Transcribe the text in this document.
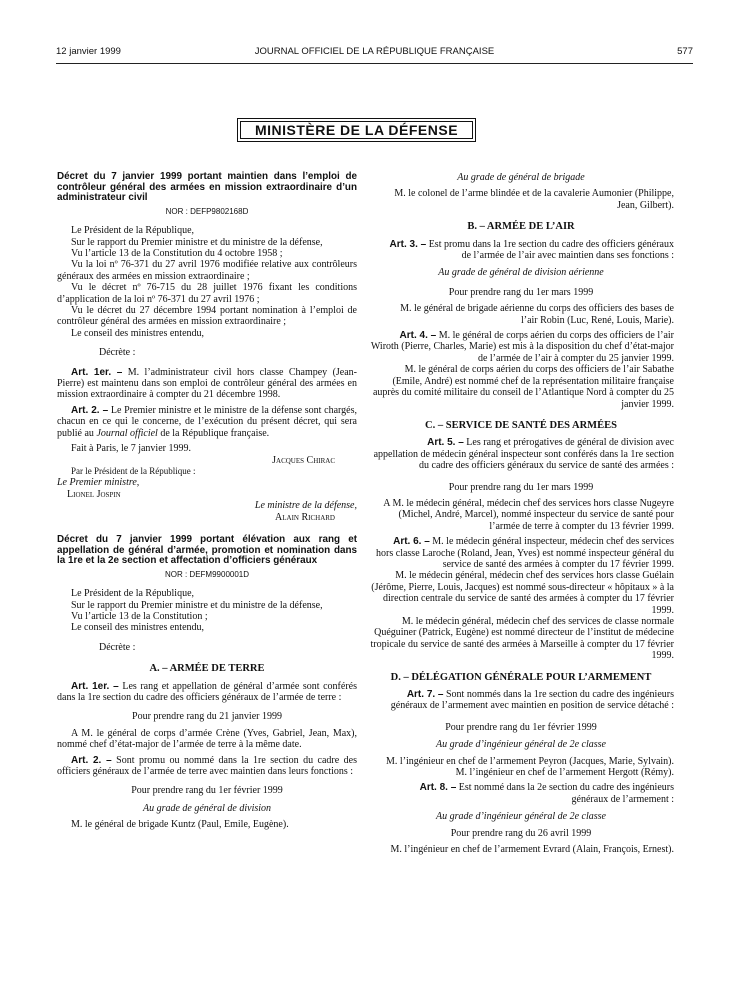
12 janvier 1999	JOURNAL OFFICIEL DE LA RÉPUBLIQUE FRANÇAISE	577
MINISTÈRE DE LA DÉFENSE

Décret du 7 janvier 1999 portant maintien dans l’emploi de contrôleur général des armées en mission extraordinaire d’un administrateur civil

NOR : DEFP9802168D

Le Président de la République,

Sur le rapport du Premier ministre et du ministre de la défense,

Vu l’article 13 de la Constitution du 4 octobre 1958 ;

Vu la loi nº 76-371 du 27 avril 1976 modifiée relative aux contrôleurs généraux des armées en mission extraordinaire ;

Vu le décret nº 76-715 du 28 juillet 1976 fixant les conditions d’application de la loi nº 76-371 du 27 avril 1976 ;

Vu le décret du 27 décembre 1994 portant nomination à l’emploi de contrôleur général des armées en mission extraordinaire ;

Le conseil des ministres entendu,

Décrète :

Art. 1er. – M. l’administrateur civil hors classe Champey (Jean-Pierre) est maintenu dans son emploi de contrôleur général des armées en mission extraordinaire à compter du 21 décembre 1998.

Art. 2. – Le Premier ministre et le ministre de la défense sont chargés, chacun en ce qui le concerne, de l’exécution du présent décret, qui sera publié au Journal officiel de la République française.

Fait à Paris, le 7 janvier 1999.

Jacques Chirac

Par le Président de la République :

Le Premier ministre,

Lionel Jospin

Le ministre de la défense,

Alain Richard

Décret du 7 janvier 1999 portant élévation aux rang et appellation de général d’armée, promotion et nomination dans la 1re et la 2e section et affectation d’officiers généraux

NOR : DEFM9900001D

Le Président de la République,

Sur le rapport du Premier ministre et du ministre de la défense,

Vu l’article 13 de la Constitution ;

Le conseil des ministres entendu,

Décrète :

A. – ARMÉE DE TERRE

Art. 1er. – Les rang et appellation de général d’armée sont conférés dans la 1re section du cadre des officiers généraux de l’armée de terre :

Pour prendre rang du 21 janvier 1999

A M. le général de corps d’armée Crène (Yves, Gabriel, Jean, Max), nommé chef d’état-major de l’armée de terre à la même date.

Art. 2. – Sont promu ou nommé dans la 1re section du cadre des officiers généraux de l’armée de terre avec maintien dans leurs fonctions :

Pour prendre rang du 1er février 1999

Au grade de général de division

M. le général de brigade Kuntz (Paul, Emile, Eugène).

Au grade de général de brigade

M. le colonel de l’arme blindée et de la cavalerie Aumonier (Philippe, Jean, Gilbert).

B. – ARMÉE DE L’AIR

Art. 3. – Est promu dans la 1re section du cadre des officiers généraux de l’armée de l’air avec maintien dans ses fonctions :

Au grade de général de division aérienne

Pour prendre rang du 1er mars 1999

M. le général de brigade aérienne du corps des officiers des bases de l’air Robin (Luc, René, Louis, Marie).

Art. 4. – M. le général de corps aérien du corps des officiers de l’air Wiroth (Pierre, Charles, Marie) est mis à la disposition du chef d’état-major de l’armée de l’air à compter du 25 janvier 1999.

M. le général de corps aérien du corps des officiers de l’air Sabathe (Emile, André) est nommé chef de la représentation militaire française auprès du comité militaire du conseil de l’Atlantique Nord à compter du 25 janvier 1999.

C. – SERVICE DE SANTÉ DES ARMÉES

Art. 5. – Les rang et prérogatives de général de division avec appellation de médecin général inspecteur sont conférés dans la 1re section du cadre des officiers généraux du service de santé des armées :

Pour prendre rang du 1er mars 1999

A M. le médecin général, médecin chef des services hors classe Nugeyre (Michel, André, Marcel), nommé inspecteur du service de santé pour l’armée de terre à compter du 13 février 1999.

Art. 6. – M. le médecin général inspecteur, médecin chef des services hors classe Laroche (Roland, Jean, Yves) est nommé inspecteur général du service de santé des armées à compter du 17 février 1999.

M. le médecin général, médecin chef des services hors classe Guélain (Jérôme, Pierre, Louis, Jacques) est nommé sous-directeur « hôpitaux » à la direction centrale du service de santé des armées à compter du 17 février 1999.

M. le médecin général, médecin chef des services de classe normale Quéguiner (Patrick, Eugène) est nommé directeur de l’institut de médecine tropicale du service de santé des armées à Marseille à compter du 17 février 1999.

D. – DÉLÉGATION GÉNÉRALE POUR L’ARMEMENT

Art. 7. – Sont nommés dans la 1re section du cadre des ingénieurs généraux de l’armement avec maintien en position de service détaché :

Pour prendre rang du 1er février 1999

Au grade d’ingénieur général de 2e classe

M. l’ingénieur en chef de l’armement Peyron (Jacques, Marie, Sylvain).

M. l’ingénieur en chef de l’armement Hergott (Rémy).

Art. 8. – Est nommé dans la 2e section du cadre des ingénieurs généraux de l’armement :

Au grade d’ingénieur général de 2e classe

Pour prendre rang du 26 avril 1999

M. l’ingénieur en chef de l’armement Evrard (Alain, François, Ernest).
